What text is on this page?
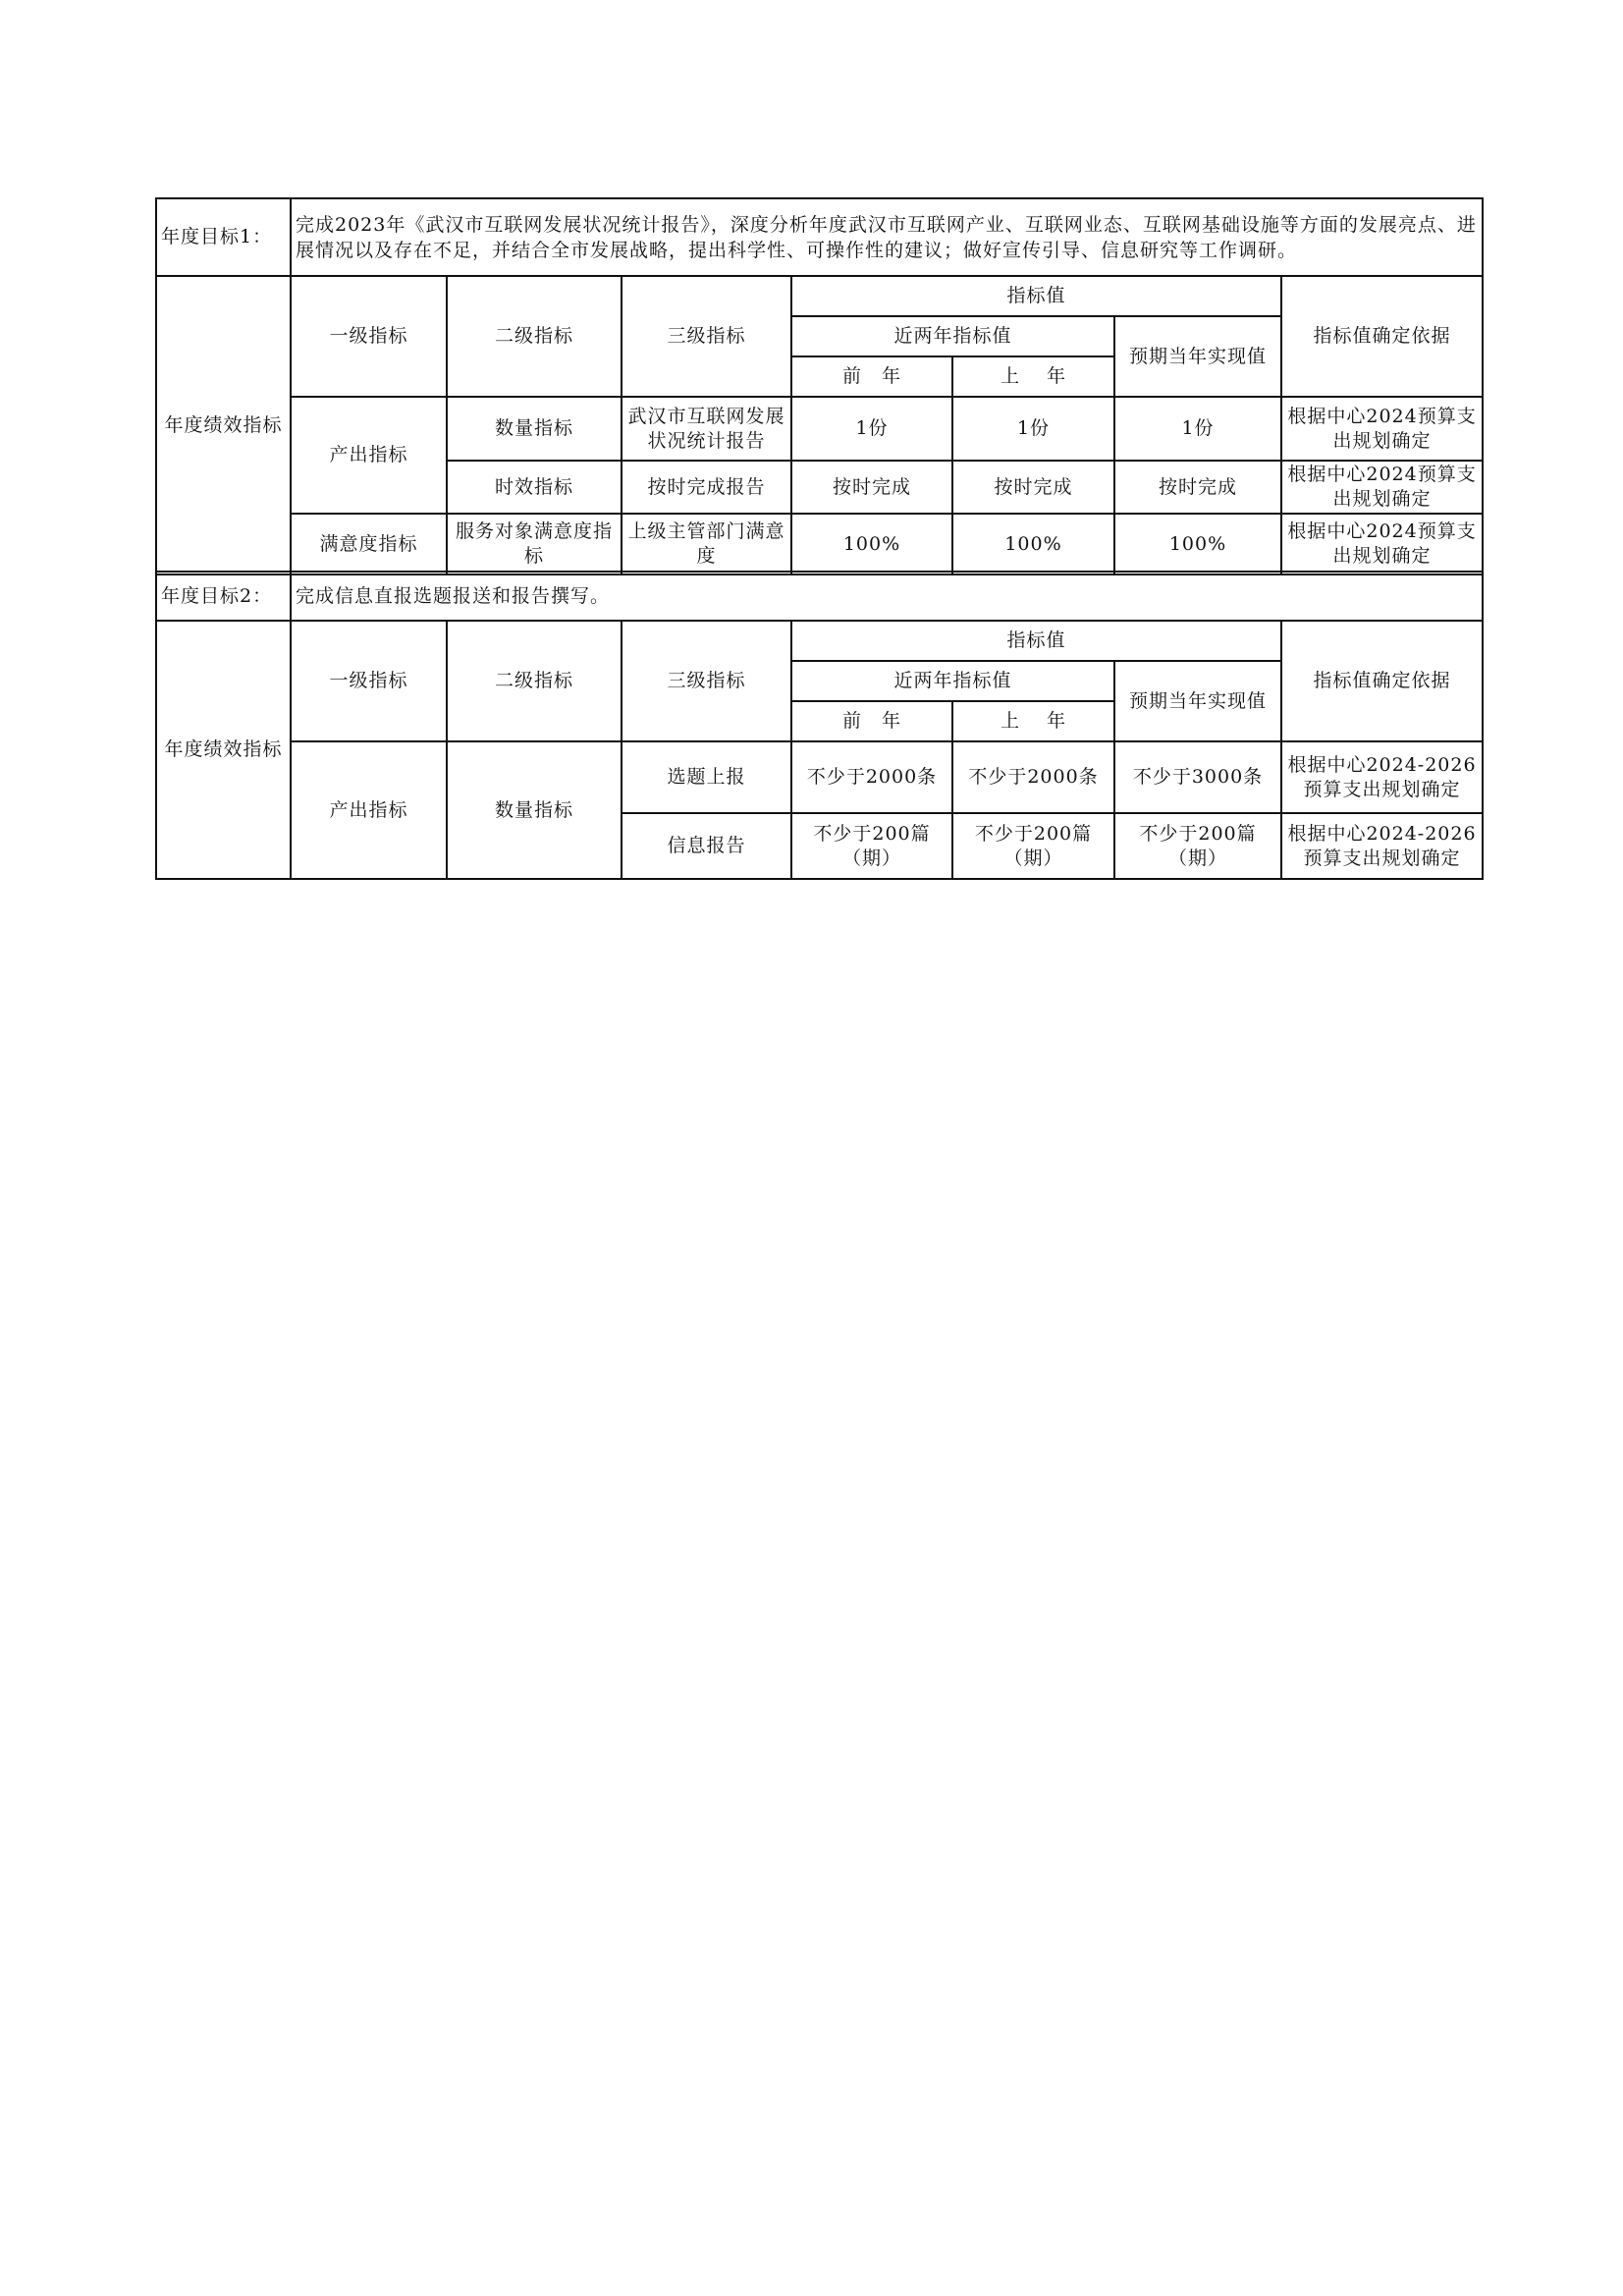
年度目标1：	完成2023年《武汉市互联网发展状况统计报告》，深度分析年度武汉市互联网产业、互联网业态、互联网基础设施等方面的发展亮点、进展情况以及存在不足，并结合全市发展战略，提出科学性、可操作性的建议；做好宣传引导、信息研究等工作调研。						
年度绩效指标	一级指标	二级指标	三级指标	指标值			指标值确定依据
				近两年指标值		预期当年实现值	
				前　年	上　 年		
	产出指标	数量指标	武汉市互联网发展状况统计报告	1份	1份	1份	根据中心2024预算支出规划确定
		时效指标	按时完成报告	按时完成	按时完成	按时完成	根据中心2024预算支出规划确定
	满意度指标	服务对象满意度指标	上级主管部门满意度	100%	100%	100%	根据中心2024预算支出规划确定
年度目标2：	完成信息直报选题报送和报告撰写。						
年度绩效指标	一级指标	二级指标	三级指标	指标值			指标值确定依据
				近两年指标值		预期当年实现值	
				前　年	上　 年		
	产出指标	数量指标	选题上报	不少于2000条	不少于2000条	不少于3000条	根据中心2024-2026预算支出规划确定
			信息报告	不少于200篇（期）	不少于200篇（期）	不少于200篇（期）	根据中心2024-2026预算支出规划确定
